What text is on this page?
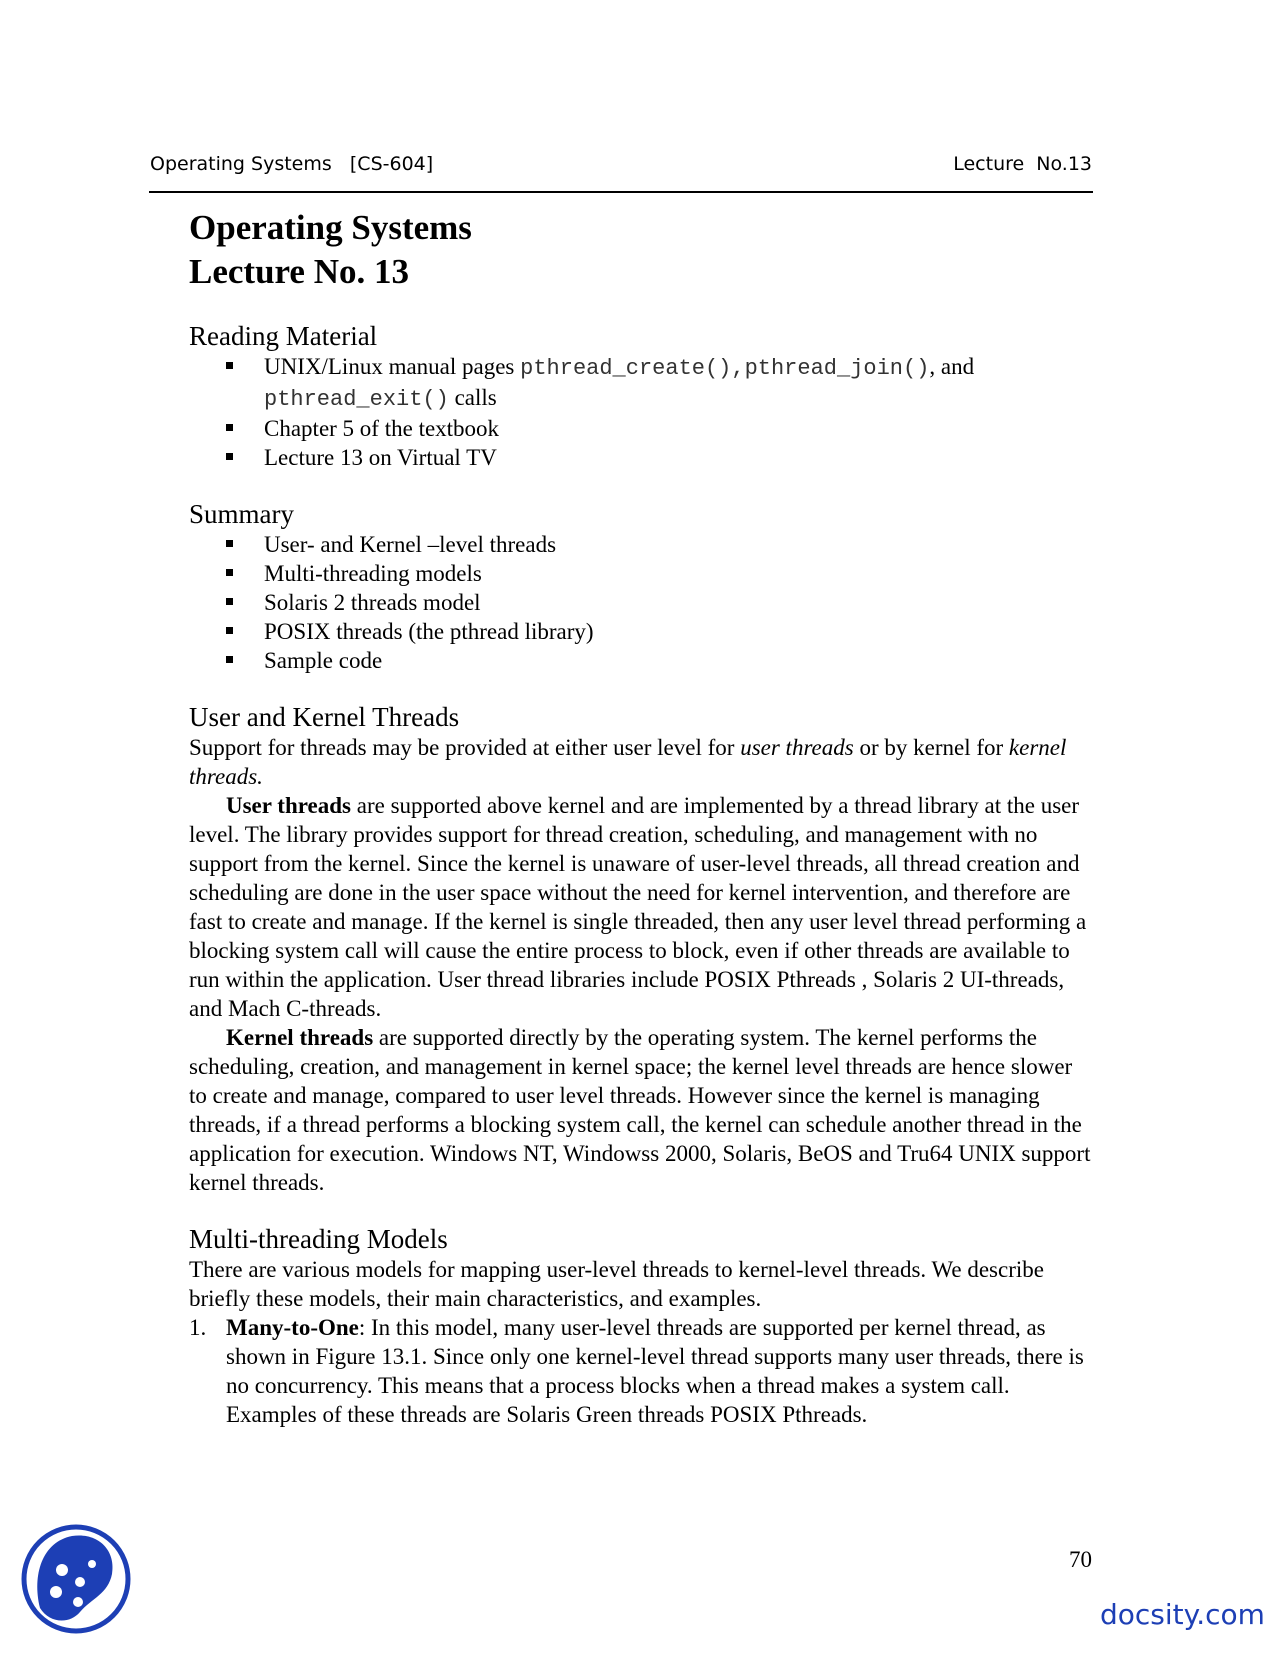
Operating Systems   [CS-604]	Lecture  No.13
Operating Systems
Lecture No. 13
Reading Material
UNIX/Linux manual pages pthread_create(),pthread_join(), and
pthread_exit() calls
Chapter 5 of the textbook
Lecture 13 on Virtual TV
Summary
User- and Kernel –level threads
Multi-threading models
Solaris 2 threads model
POSIX threads (the pthread library)
Sample code
User and Kernel Threads

Support for threads may be provided at either user level for user threads or by kernel for kernel threads.

User threads are supported above kernel and are implemented by a thread library at the user level. The library provides support for thread creation, scheduling, and management with no support from the kernel. Since the kernel is unaware of user-level threads, all thread creation and scheduling are done in the user space without the need for kernel intervention, and therefore are fast to create and manage. If the kernel is single threaded, then any user level thread performing a blocking system call will cause the entire process to block, even if other threads are available to run within the application. User thread libraries include POSIX Pthreads , Solaris 2 UI-threads, and Mach C-threads.

Kernel threads are supported directly by the operating system. The kernel performs the scheduling, creation, and management in kernel space; the kernel level threads are hence slower to create and manage, compared to user level threads. However since the kernel is managing threads, if a thread performs a blocking system call, the kernel can schedule another thread in the application for execution. Windows NT, Windowss 2000, Solaris, BeOS and Tru64 UNIX support kernel threads.

Multi-threading Models

There are various models for mapping user-level threads to kernel-level threads. We describe briefly these models, their main characteristics, and examples.

1. Many-to-One: In this model, many user-level threads are supported per kernel thread, as shown in Figure 13.1. Since only one kernel-level thread supports many user threads, there is no concurrency. This means that a process blocks when a thread makes a system call. Examples of these threads are Solaris Green threads POSIX Pthreads.
70
docsity.com
